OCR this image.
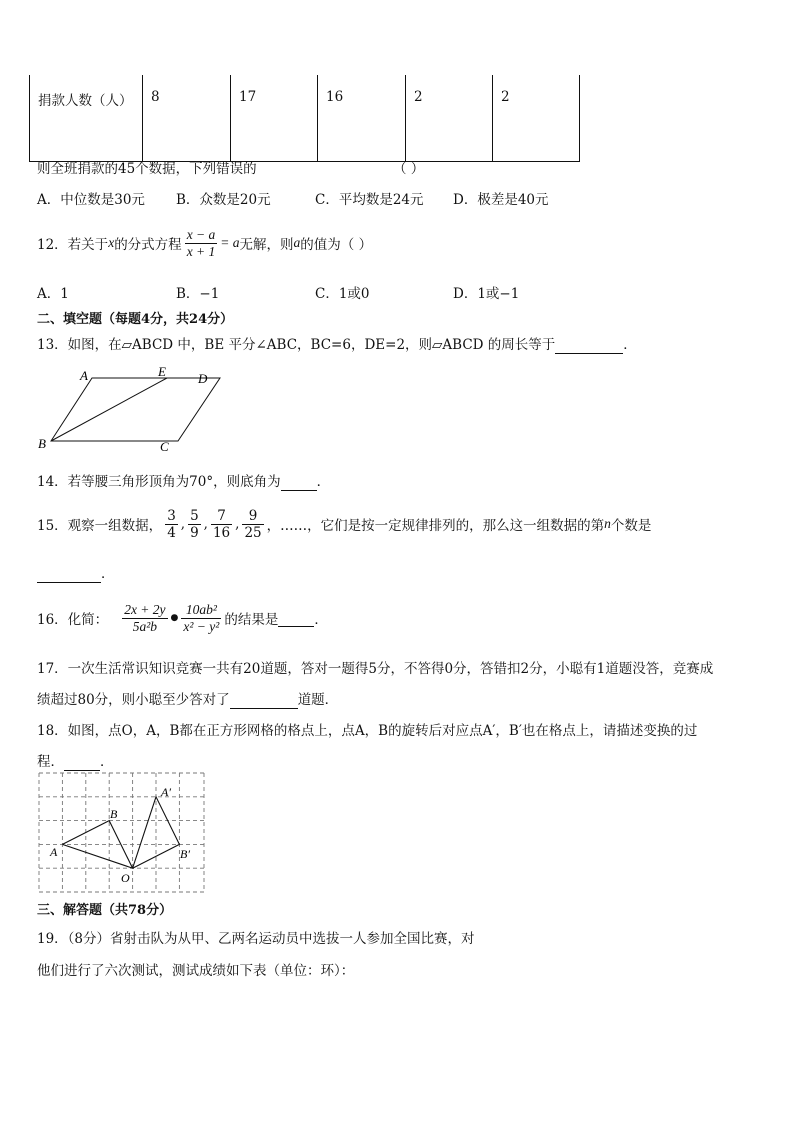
捐款人数（人）	8	17	16	2	2
则全班捐款的45个数据，下列错误的	（ ）
A．中位数是30元 B．众数是20元	C．平均数是24元 D．极差是40元
12．若关于 x 的分式方程 $\frac{x - a}{x + 1} = a$ 无解，则 a 的值为（ ）
A．1	B．−1	C．1或0	D．1或−1
二、填空题（每题4分，共24分）
13．如图，在▱ABCD 中，BE 平分∠ABC，BC=6，DE=2，则▱ABCD 的周长等于	．
A	E D
B	C
14．若等腰三角形顶角为70°，则底角为	．
15．观察一组数据， $\frac{3}{4}$ , $\frac{5}{9}$ , $\frac{7}{16}$ , $\frac{9}{25}$ ，……，它们是按一定规律排列的，那么这一组数据的第 n 个数是
．
16．化简： $\frac{2x + 2y}{\text{5a²b}}$ ● $\frac{\text{10ab²}}{\text{x² − y²}}$ 的结果是
	．
17．一次生活常识知识竞赛一共有20道题，答对一题得5分，不答得0分，答错扣2分，小聪有1道题没答，竞赛成
绩超过80分，则小聪至少答对了	道题．
18．如图，点O，A，B都在正方形网格的格点上，点A，B的旋转后对应点A′，B′也在格点上，请描述变换的过
程．	．
A
B
O
A′
B′
三、解答题（共78分）
19．（8分）省射击队为从甲、乙两名运动员中选拔一人参加全国比赛，对
他们进行了六次测试，测试成绩如下表（单位：环）：
